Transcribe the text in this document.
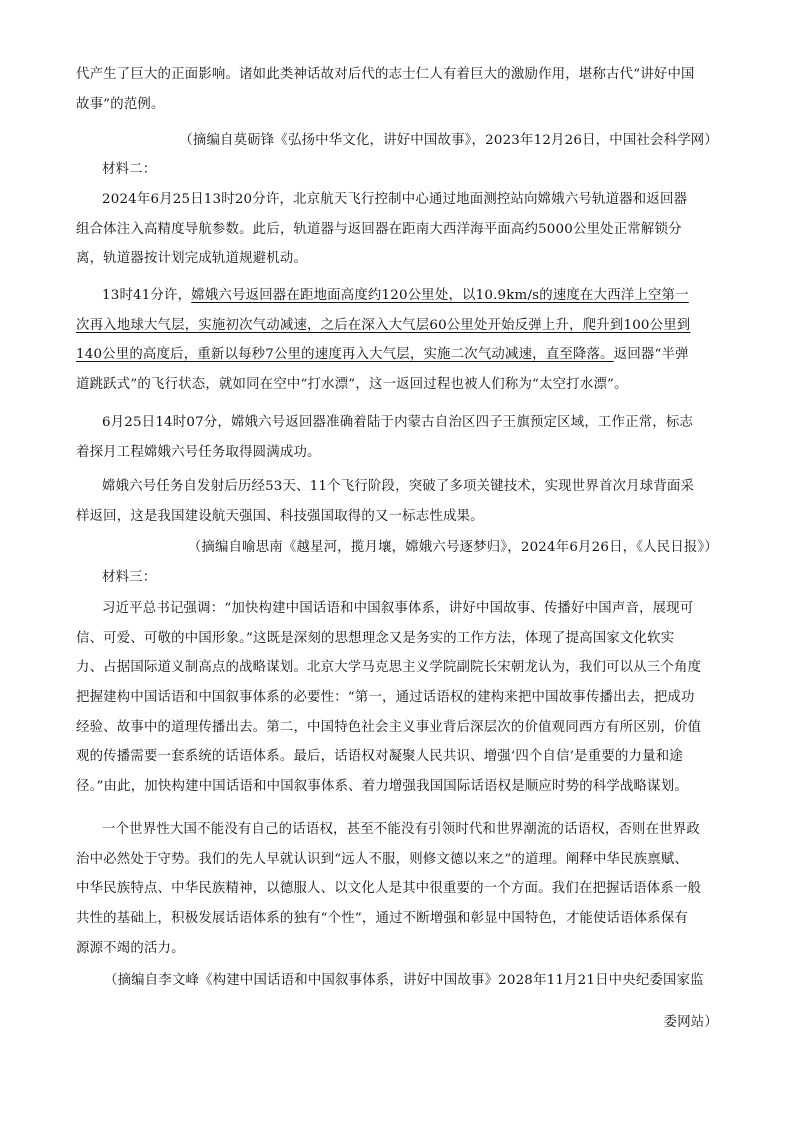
代产生了巨大的正面影响。诸如此类神话故对后代的志士仁人有着巨大的激励作用，堪称古代“讲好中国
故事”的范例。
（摘编自莫砺锋《弘扬中华文化，讲好中国故事》，2023年12月26日，中国社会科学网）
材料二：
2024年6月25日13时20分许，北京航天飞行控制中心通过地面测控站向嫦娥六号轨道器和返回器
组合体注入高精度导航参数。此后，轨道器与返回器在距南大西洋海平面高约5000公里处正常解锁分
离，轨道器按计划完成轨道规避机动。
13时41分许，嫦娥六号返回器在距地面高度约120公里处，以10.9km/s的速度在大西洋上空第一
次再入地球大气层，实施初次气动减速，之后在深入大气层60公里处开始反弹上升，爬升到100公里到
140公里的高度后，重新以每秒7公里的速度再入大气层，实施二次气动减速，直至降落。返回器“半弹
道跳跃式”的飞行状态，就如同在空中“打水漂”，这一返回过程也被人们称为“太空打水漂”。
6月25日14时07分，嫦娥六号返回器准确着陆于内蒙古自治区四子王旗预定区域，工作正常，标志
着探月工程嫦娥六号任务取得圆满成功。
嫦娥六号任务自发射后历经53天、11个飞行阶段，突破了多项关键技术，实现世界首次月球背面采
样返回，这是我国建设航天强国、科技强国取得的又一标志性成果。
（摘编自喻思南《越星河，揽月壤，嫦娥六号逐梦归》，2024年6月26日，《人民日报》）
材料三：
习近平总书记强调：“加快构建中国话语和中国叙事体系，讲好中国故事、传播好中国声音，展现可
信、可爱、可敬的中国形象。”这既是深刻的思想理念又是务实的工作方法，体现了提高国家文化软实
力、占据国际道义制高点的战略谋划。北京大学马克思主义学院副院长宋朝龙认为，我们可以从三个角度
把握建构中国话语和中国叙事体系的必要性：“第一，通过话语权的建构来把中国故事传播出去，把成功
经验、故事中的道理传播出去。第二，中国特色社会主义事业背后深层次的价值观同西方有所区别，价值
观的传播需要一套系统的话语体系。最后，话语权对凝聚人民共识、增强‘四个自信’是重要的力量和途
径。”由此，加快构建中国话语和中国叙事体系、着力增强我国国际话语权是顺应时势的科学战略谋划。
一个世界性大国不能没有自己的话语权，甚至不能没有引领时代和世界潮流的话语权，否则在世界政
治中必然处于守势。我们的先人早就认识到“远人不服，则修文德以来之”的道理。阐释中华民族禀赋、
中华民族特点、中华民族精神，以德服人、以文化人是其中很重要的一个方面。我们在把握话语体系一般
共性的基础上，积极发展话语体系的独有“个性”，通过不断增强和彰显中国特色，才能使话语体系保有
源源不竭的活力。
（摘编自李文峰《构建中国话语和中国叙事体系，讲好中国故事》2028年11月21日中央纪委国家监
委网站）
